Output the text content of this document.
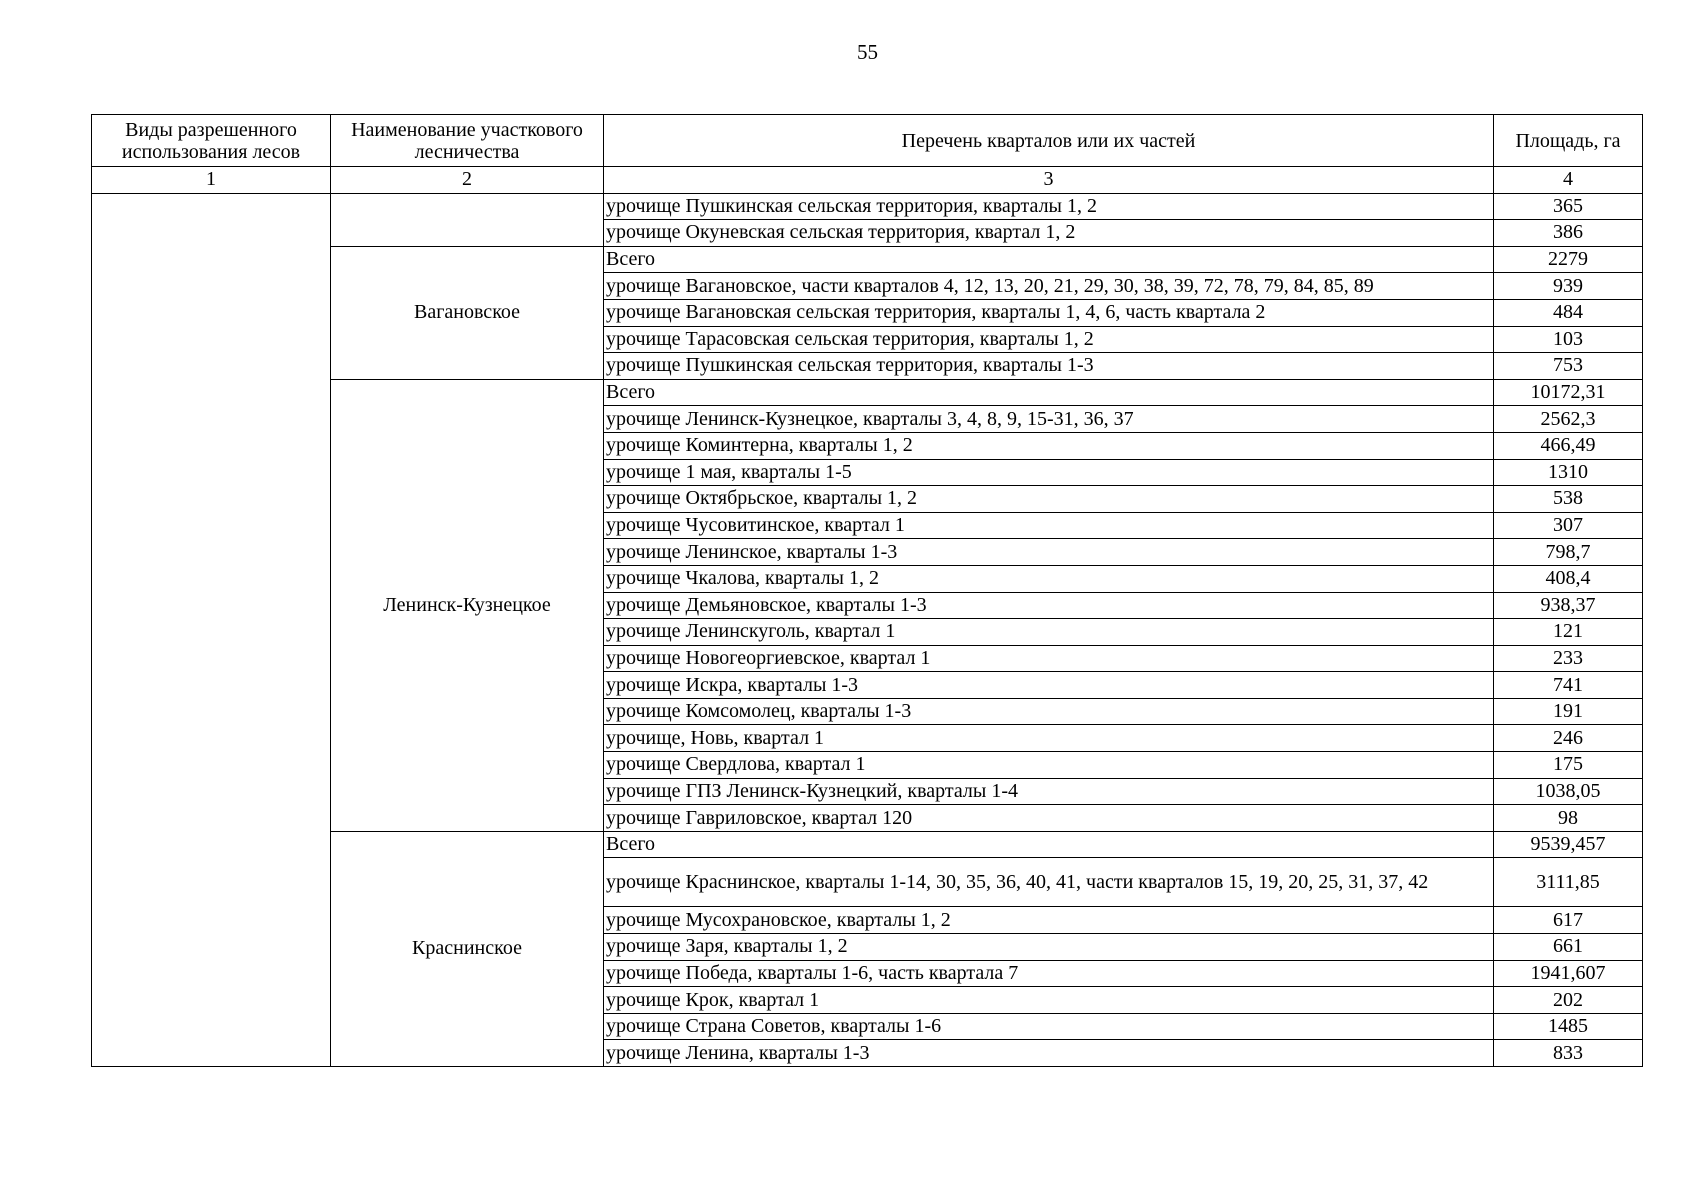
55
Виды разрешенного использования лесов	Наименование участкового лесничества	Перечень кварталов или их частей	Площадь, га
1	2	3	4
		урочище Пушкинская сельская территория, кварталы 1, 2	365
		урочище Окуневская сельская территория, квартал 1, 2	386
	Вагановское	Всего	2279
		урочище Вагановское, части кварталов 4, 12, 13, 20, 21, 29, 30, 38, 39, 72, 78, 79, 84, 85, 89	939
		урочище Вагановская сельская территория, кварталы 1, 4, 6, часть квартала 2	484
		урочище Тарасовская сельская территория, кварталы 1, 2	103
		урочище Пушкинская сельская территория, кварталы 1-3	753
	Ленинск-Кузнецкое	Всего	10172,31
		урочище Ленинск-Кузнецкое, кварталы 3, 4, 8, 9, 15-31, 36, 37	2562,3
		урочище Коминтерна, кварталы 1, 2	466,49
		урочище 1 мая, кварталы 1-5	1310
		урочище Октябрьское, кварталы 1, 2	538
		урочище Чусовитинское, квартал 1	307
		урочище Ленинское, кварталы 1-3	798,7
		урочище Чкалова, кварталы 1, 2	408,4
		урочище Демьяновское, кварталы 1-3	938,37
		урочище Ленинскуголь, квартал 1	121
		урочище Новогеоргиевское, квартал 1	233
		урочище Искра, кварталы 1-3	741
		урочище Комсомолец, кварталы 1-3	191
		урочище, Новь, квартал 1	246
		урочище Свердлова, квартал 1	175
		урочище ГПЗ Ленинск-Кузнецкий, кварталы 1-4	1038,05
		урочище Гавриловское, квартал 120	98
	Краснинское	Всего	9539,457
		урочище Краснинское, кварталы 1-14, 30, 35, 36, 40, 41, части кварталов 15, 19, 20, 25, 31, 37, 42	3111,85
		урочище Мусохрановское, кварталы 1, 2	617
		урочище Заря, кварталы 1, 2	661
		урочище Победа, кварталы 1-6, часть квартала 7	1941,607
		урочище Крок, квартал 1	202
		урочище Страна Советов, кварталы 1-6	1485
		урочище Ленина, кварталы 1-3	833
